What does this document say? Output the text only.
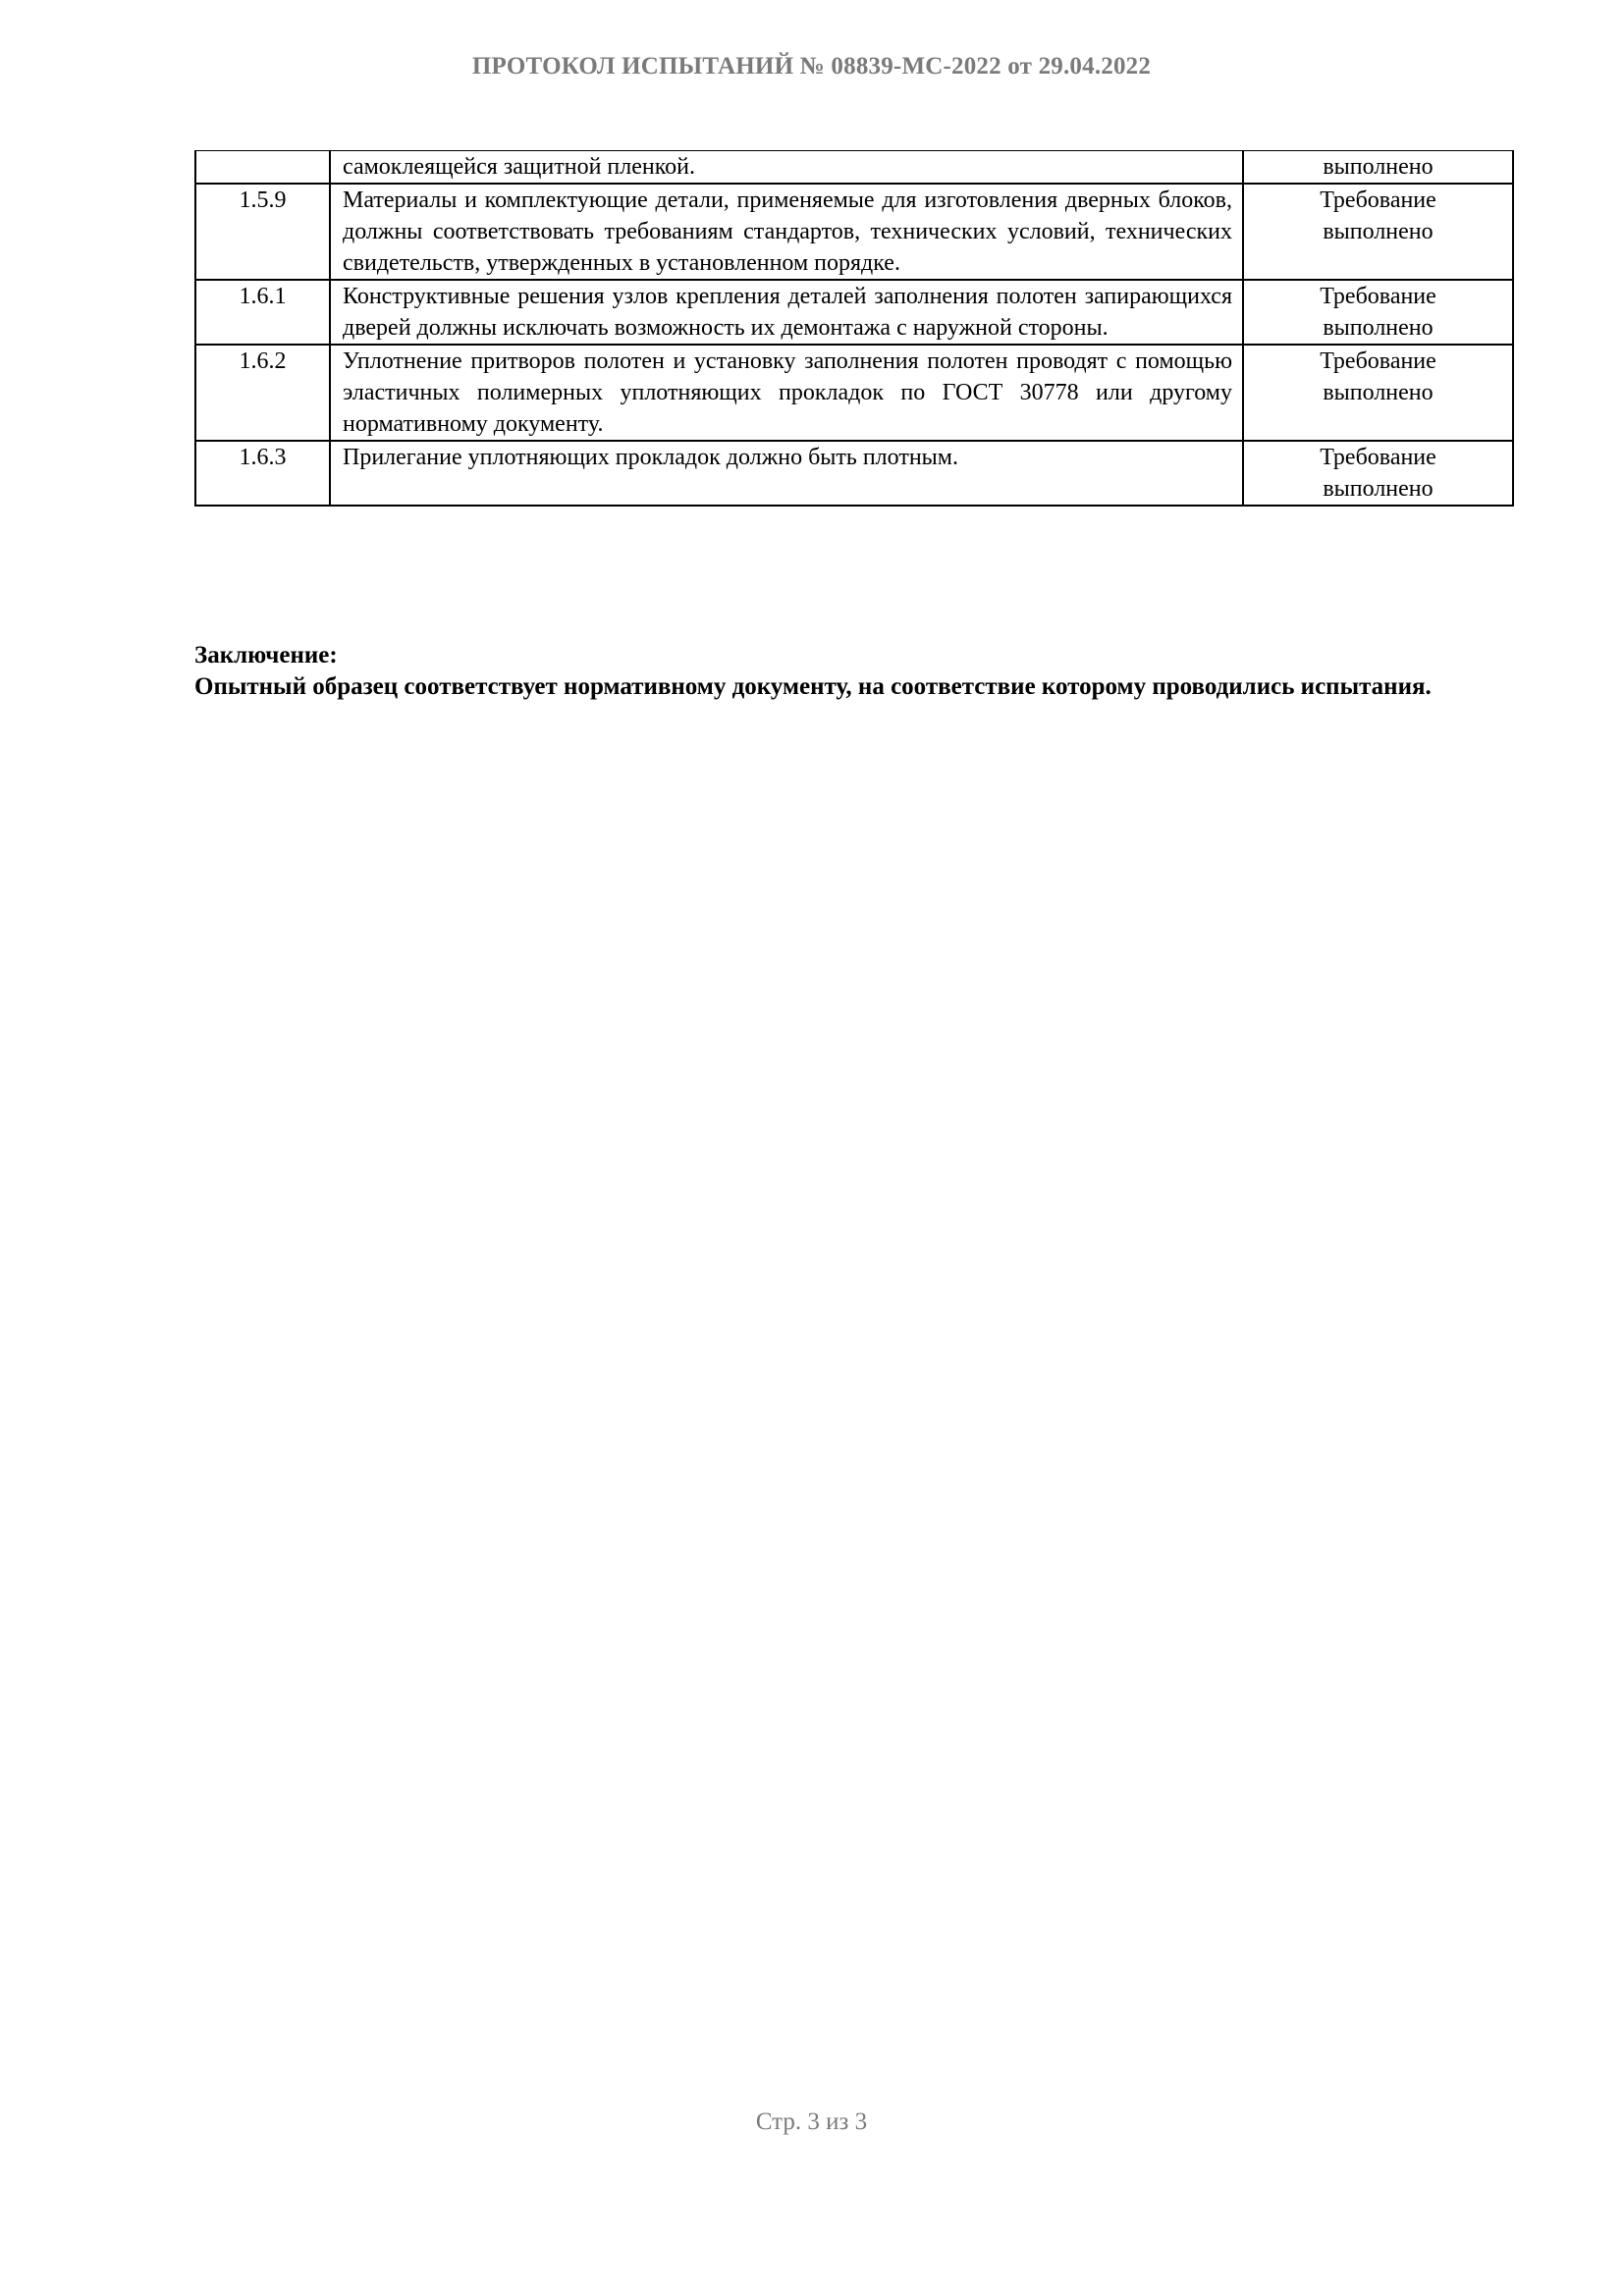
ПРОТОКОЛ ИСПЫТАНИЙ № 08839-МС-2022 от 29.04.2022
	самоклеящейся защитной пленкой.	выполнено

1.5.9	Материалы и комплектующие детали, применяемые для изготовления дверных блоков, должны соответствовать требованиям стандартов, технических условий, технических свидетельств, утвержденных в установленном порядке.	Требование
выполнено

1.6.1	Конструктивные решения узлов крепления деталей заполнения полотен запирающихся дверей должны исключать возможность их демонтажа с наружной стороны.	Требование
выполнено

1.6.2	Уплотнение притворов полотен и установку заполнения полотен проводят с помощью эластичных полимерных уплотняющих прокладок по ГОСТ 30778 или другому нормативному документу.	Требование
выполнено

1.6.3	Прилегание уплотняющих прокладок должно быть плотным.	Требование
выполнено

Заключение:

Опытный образец соответствует нормативному документу, на соответствие которому проводились испытания.

Стр. 3 из 3
